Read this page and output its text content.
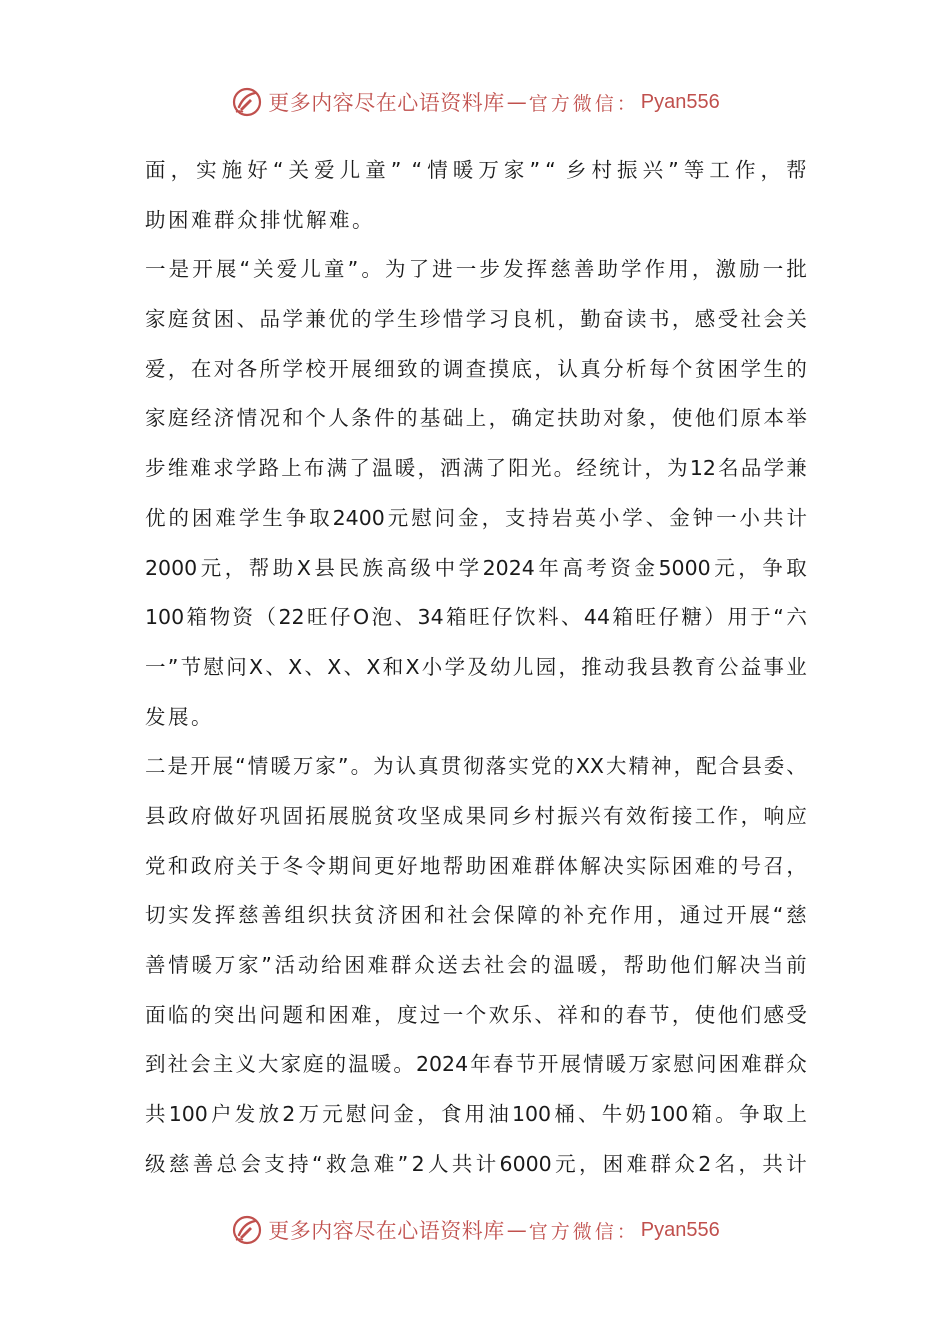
更多内容尽在心语资料库 — 官方微信： Pyan556
面 ， 实 施 好 “ 关 爱 儿 童 ” “ 情 暖 万 家 ” “ 乡 村 振 兴 ” 等 工 作 ， 帮
助困难群众排忧解难。
一 是 开 展 “ 关 爱 儿 童 ” 。 为 了 进 一 步 发 挥 慈 善 助 学 作 用 ， 激 励 一 批
家 庭 贫 困 、 品 学 兼 优 的 学 生 珍 惜 学 习 良 机 ， 勤 奋 读 书 ， 感 受 社 会 关
爱 ， 在 对 各 所 学 校 开 展 细 致 的 调 查 摸 底 ， 认 真 分 析 每 个 贫 困 学 生 的
家 庭 经 济 情 况 和 个 人 条 件 的 基 础 上 ， 确 定 扶 助 对 象 ， 使 他 们 原 本 举
步 维 难 求 学 路 上 布 满 了 温 暖 ， 洒 满 了 阳 光 。 经 统 计 ， 为 12 名 品 学 兼
优 的 困 难 学 生 争 取 2400 元 慰 问 金 ， 支 持 岩 英 小 学 、 金 钟 一 小 共 计
2000 元 ， 帮 助 X 县 民 族 高 级 中 学 2024 年 高 考 资 金 5000 元 ， 争 取
100 箱 物 资 （ 22 旺 仔 O 泡 、 34 箱 旺 仔 饮 料 、 44 箱 旺 仔 糖 ） 用 于 “ 六
一 ” 节 慰 问 X 、 X 、 X 、 X 和 X 小 学 及 幼 儿 园 ， 推 动 我 县 教 育 公 益 事 业
发展。
二 是 开 展 “ 情 暖 万 家 ” 。 为 认 真 贯 彻 落 实 党 的 XX 大 精 神 ， 配 合 县 委 、
县 政 府 做 好 巩 固 拓 展 脱 贫 攻 坚 成 果 同 乡 村 振 兴 有 效 衔 接 工 作 ， 响 应
党 和 政 府 关 于 冬 令 期 间 更 好 地 帮 助 困 难 群 体 解 决 实 际 困 难 的 号 召 ，
切 实 发 挥 慈 善 组 织 扶 贫 济 困 和 社 会 保 障 的 补 充 作 用 ， 通 过 开 展 “ 慈
善 情 暖 万 家 ” 活 动 给 困 难 群 众 送 去 社 会 的 温 暖 ， 帮 助 他 们 解 决 当 前
面 临 的 突 出 问 题 和 困 难 ， 度 过 一 个 欢 乐 、 祥 和 的 春 节 ， 使 他 们 感 受
到 社 会 主 义 大 家 庭 的 温 暖 。 2024 年 春 节 开 展 情 暖 万 家 慰 问 困 难 群 众
共 100 户 发 放 2 万 元 慰 问 金 ， 食 用 油 100 桶 、 牛 奶 100 箱 。 争 取 上
级 慈 善 总 会 支 持 “ 救 急 难 ” 2 人 共 计 6000 元 ， 困 难 群 众 2 名 ， 共 计
更多内容尽在心语资料库 — 官方微信： Pyan556
